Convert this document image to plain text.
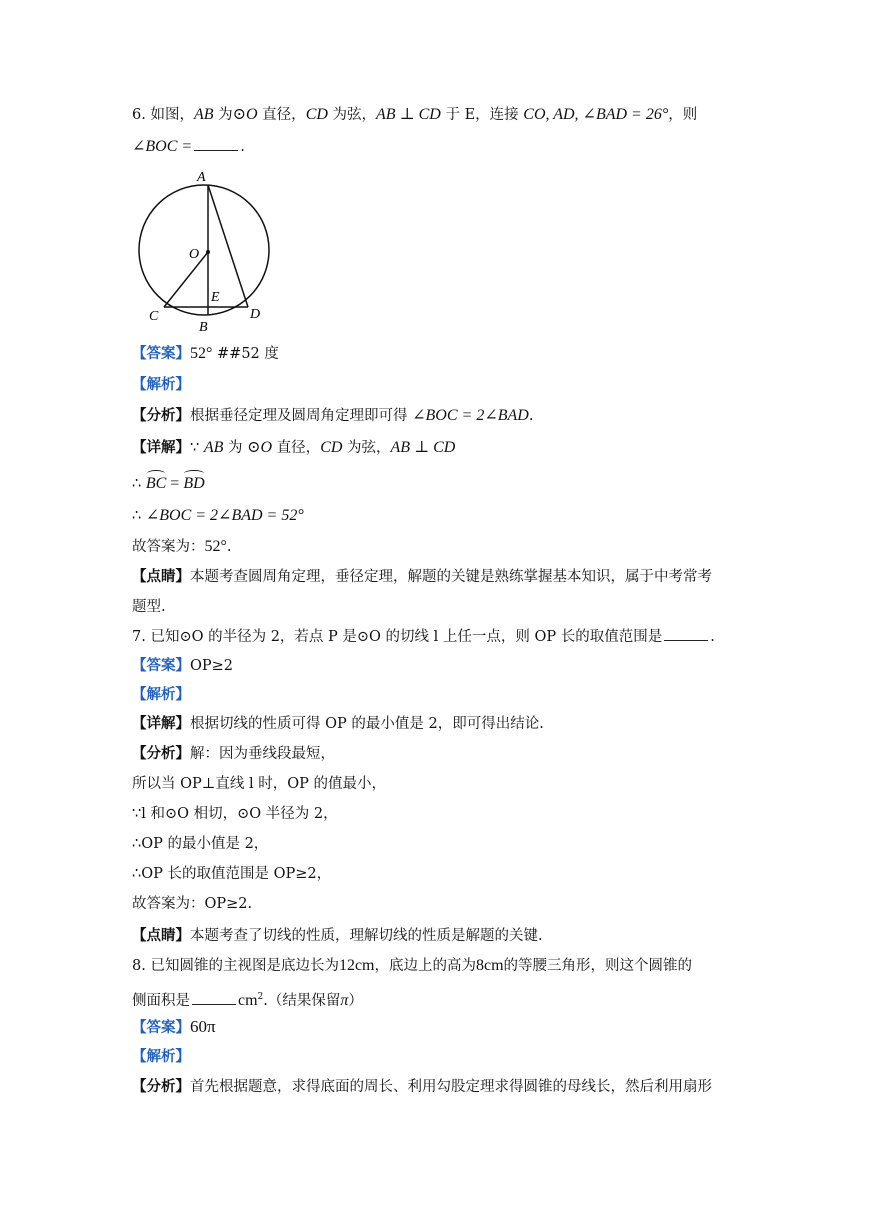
6. 如图，AB 为⊙O 直径，CD 为弦，AB ⊥ CD 于 E，连接 CO, AD, ∠BAD = 26°，则
∠BOC =	.
A
O
E
C
B
D
【答案】52° ##52 度
【解析】
【分析】根据垂径定理及圆周角定理即可得 ∠BOC = 2∠BAD.
【详解】∵ AB 为 ⊙O 直径，CD 为弦，AB ⊥ CD
∴ BC = BD
∴ ∠BOC = 2∠BAD = 52°
故答案为：52°.
【点睛】本题考查圆周角定理，垂径定理，解题的关键是熟练掌握基本知识，属于中考常考
题型.
7. 已知⊙O 的半径为 2，若点 P 是⊙O 的切线 l 上任一点，则 OP 长的取值范围是	.
【答案】OP≥2
【解析】
【详解】根据切线的性质可得 OP 的最小值是 2，即可得出结论.
【分析】解：因为垂线段最短，
所以当 OP⊥直线 l 时，OP 的值最小，
∵l 和⊙O 相切，⊙O 半径为 2，
∴OP 的最小值是 2，
∴OP 长的取值范围是 OP≥2，
故答案为：OP≥2.
【点睛】本题考查了切线的性质，理解切线的性质是解题的关键.
8. 已知圆锥的主视图是底边长为12cm，底边上的高为8cm的等腰三角形，则这个圆锥的
侧面积是	$cm^2$.（结果保留π）
【答案】60π
【解析】
【分析】首先根据题意，求得底面的周长、利用勾股定理求得圆锥的母线长，然后利用扇形
